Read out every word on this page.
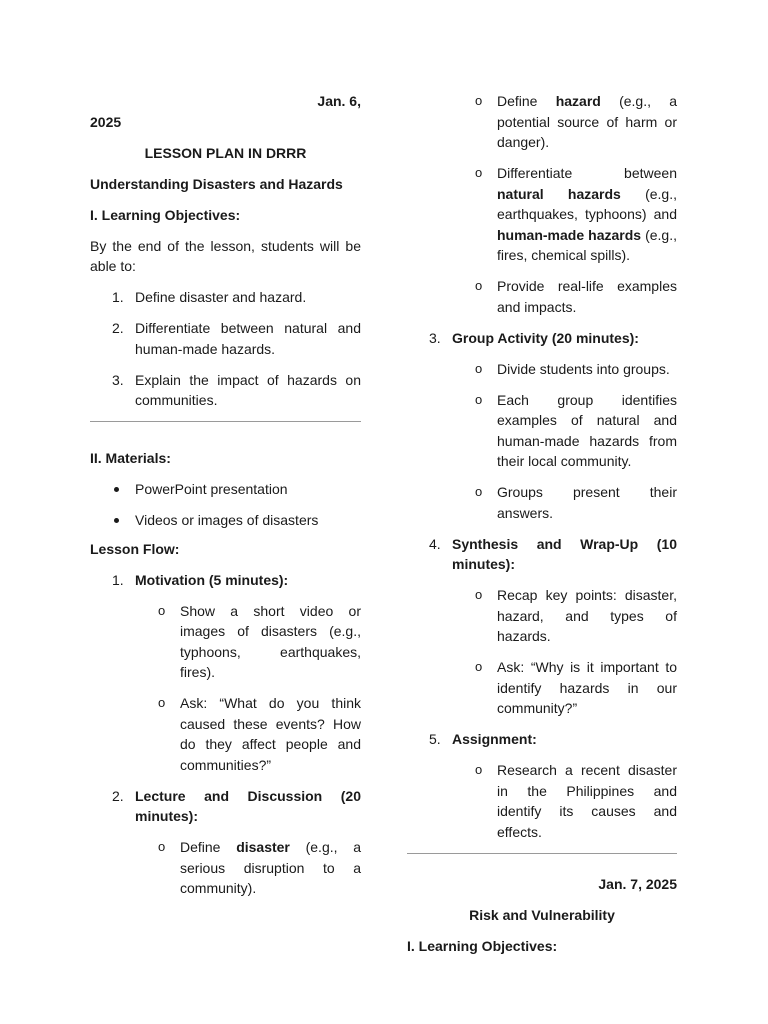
Jan. 6,
2025
LESSON PLAN IN DRRR
Understanding Disasters and Hazards
I. Learning Objectives:
By the end of the lesson, students will be able to:
1. Define disaster and hazard.
2. Differentiate between natural and human-made hazards.
3. Explain the impact of hazards on communities.
II. Materials:
PowerPoint presentation
Videos or images of disasters
Lesson Flow:
1. Motivation (5 minutes):
o Show a short video or images of disasters (e.g., typhoons, earthquakes, fires).
o Ask: “What do you think caused these events? How do they affect people and communities?”
2. Lecture and Discussion (20 minutes):
o Define disaster (e.g., a serious disruption to a community).
o Define hazard (e.g., a potential source of harm or danger).
o Differentiate between natural hazards (e.g., earthquakes, typhoons) and human-made hazards (e.g., fires, chemical spills).
o Provide real-life examples and impacts.
3. Group Activity (20 minutes):
o Divide students into groups.
o Each group identifies examples of natural and human-made hazards from their local community.
o Groups present their answers.
4. Synthesis and Wrap-Up (10 minutes):
o Recap key points: disaster, hazard, and types of hazards.
o Ask: “Why is it important to identify hazards in our community?”
5. Assignment:
o Research a recent disaster in the Philippines and identify its causes and effects.
Jan. 7, 2025
Risk and Vulnerability
I. Learning Objectives:
